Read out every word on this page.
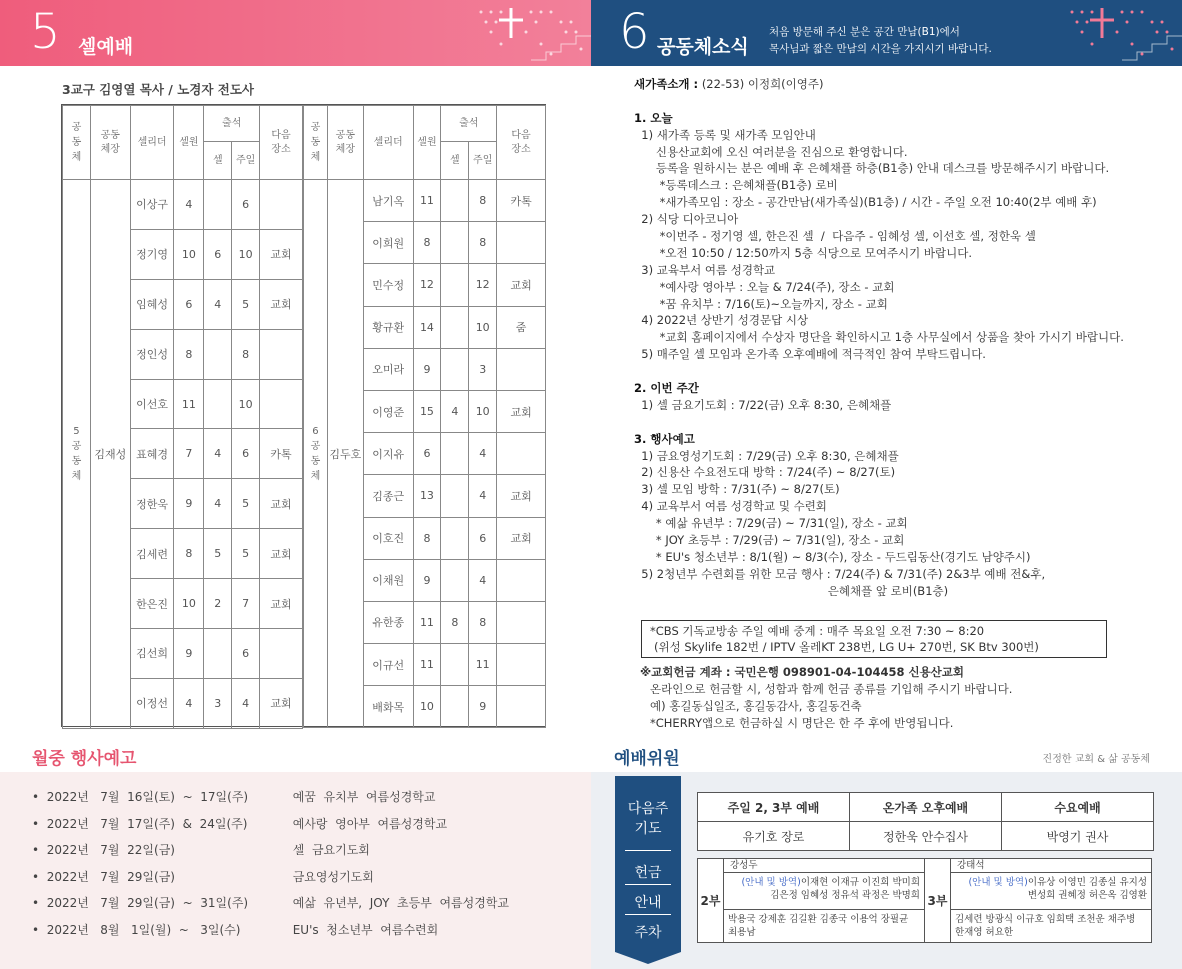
5 셀예배	6 공동체소식
처음 방문해 주신 분은 공간 만남(B1)에서
목사님과 짧은 만남의 시간을 가지시기 바랍니다.
3교구 김영열 목사 / 노경자 전도사
공동체	공동체장	셀리더	셀원	출석		다음장소

				셀	주일	

5공동체	김재성	이상구	4		6	
		정기영	10	6	10	교회
		임혜성	6	4	5	교회
		정인성	8		8	
		이선호	11		10	
		표혜경	7	4	6	카톡
		정한욱	9	4	5	교회
		김세련	8	5	5	교회
		한은진	10	2	7	교회
		김선희	9		6	
		이정선	4	3	4	교회
공동체	공동체장	셀리더	셀원	출석		다음장소

				셀	주일	

6공동체	김두호	남기옥	11		8	카톡
		이희원	8		8	
		민수정	12		12	교회
		황규환	14		10	줌
		오미라	9		3	
		이영준	15	4	10	교회
		이지유	6		4	
		김종근	13		4	교회
		이호진	8		6	교회
		이채원	9		4	
		유한종	11	8	8	
		이규선	11		11	
		배화목	10		9	
새가족소개 : (22-53) 이정희(이영주)
1. 오늘
1) 새가족 등록 및 새가족 모임안내
신용산교회에 오신 여러분을 진심으로 환영합니다.
등록을 원하시는 분은 예배 후 은혜채플 하층(B1층) 안내 데스크를 방문해주시기 바랍니다.
*등록데스크 : 은혜채플(B1층) 로비
*새가족모임 : 장소 - 공간만남(새가족실)(B1층) / 시간 - 주일 오전 10:40(2부 예배 후)
2) 식당 디아코니아
*이번주 - 정기영 셀, 한은진 셀  /  다음주 - 임혜성 셀, 이선호 셀, 정한욱 셀
*오전 10:50 / 12:50까지 5층 식당으로 모여주시기 바랍니다.
3) 교육부서 여름 성경학교
*예사랑 영아부 : 오늘 & 7/24(주), 장소 - 교회
*꿈 유치부 : 7/16(토)~오늘까지, 장소 - 교회
4) 2022년 상반기 성경문답 시상
*교회 홈페이지에서 수상자 명단을 확인하시고 1층 사무실에서 상품을 찾아 가시기 바랍니다.
5) 매주일 셀 모임과 온가족 오후예배에 적극적인 참여 부탁드립니다.
2. 이번 주간
1) 셀 금요기도회 : 7/22(금) 오후 8:30, 은혜채플
3. 행사예고
1) 금요영성기도회 : 7/29(금) 오후 8:30, 은혜채플
2) 신용산 수요전도대 방학 : 7/24(주) ~ 8/27(토)
3) 셀 모임 방학 : 7/31(주) ~ 8/27(토)
4) 교육부서 여름 성경학교 및 수련회
* 예삶 유년부 : 7/29(금) ~ 7/31(일), 장소 - 교회
* JOY 초등부 : 7/29(금) ~ 7/31(일), 장소 - 교회
* EU's 청소년부 : 8/1(월) ~ 8/3(수), 장소 - 두드림동산(경기도 남양주시)
5) 2청년부 수련회를 위한 모금 행사 : 7/24(주) & 7/31(주) 2&3부 예배 전&후,
은혜채플 앞 로비(B1층)
*CBS 기독교방송 주일 예배 중계 : 매주 목요일 오전 7:30 ~ 8:20
(위성 Skylife 182번 / IPTV 올레KT 238번, LG U+ 270번, SK Btv 300번)
※교회헌금 계좌 : 국민은행 098901-04-104458 신용산교회
온라인으로 헌금할 시, 성함과 함께 헌금 종류를 기입해 주시기 바랍니다.
예) 홍길동십일조, 홍길동감사, 홍길동건축
*CHERRY앱으로 헌금하실 시 명단은 한 주 후에 반영됩니다.
월중 행사예고
•  2022년   7월  16일(토)  ~  17일(주)	예꿈  유치부  여름성경학교
•  2022년   7월  17일(주)  &  24일(주)	예사랑  영아부  여름성경학교
•  2022년   7월  22일(금)	셀  금요기도회
•  2022년   7월  29일(금)	금요영성기도회
•  2022년   7월  29일(금)  ~  31일(주)	예삶  유년부,  JOY  초등부  여름성경학교
•  2022년   8월   1일(월)  ~   3일(수)	EU's  청소년부  여름수련회
예배위원	진정한 교회 & 삶 공동체
다음주
기도
헌금
안내
주차
주일 2, 3부 예배	온가족 오후예배	수요예배
유기호 장로	정한욱 안수집사	박영기 권사
2부
강성두
(안내 및 방역)이재현 이재규 이진희 박미희
김은정 임혜성 정유석 곽정은 박명희
박용국 강제훈 김길환 김종국 이용억 장필균
최용남
3부
강태석
(안내 및 방역)이유상 이영민 김종실 유지성
변성희 권혜정 허은옥 김영환
김세련 방광식 이규호 임희택 조천운 채주병
한재영 허요한
